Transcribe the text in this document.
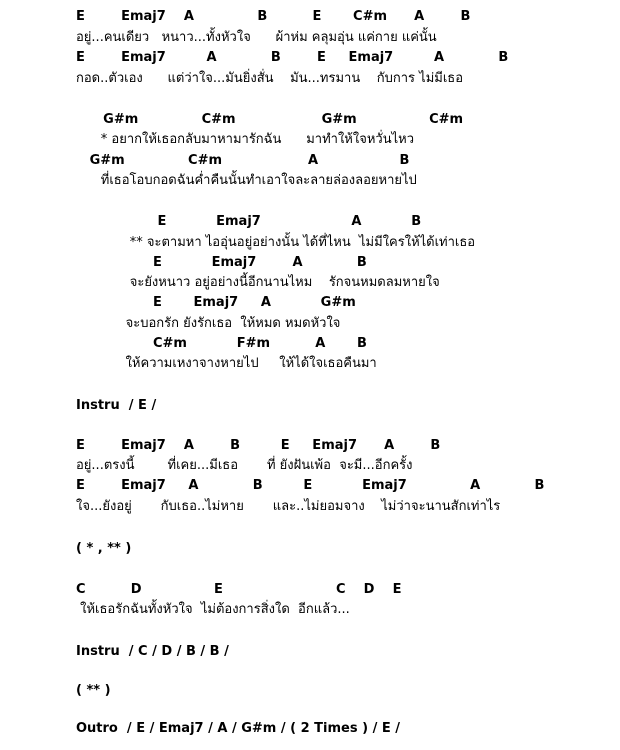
E        Emaj7    A              B          E       C#m      A        B
อยู่...คนเดียว   หนาว...ทั้งหัวใจ      ผ้าห่ม คลุมอุ่น แค่กาย แค่นั้น
E        Emaj7         A            B        E     Emaj7         A            B
กอด..ตัวเอง      แต่ว่าใจ...มันยิ่งสั่น    มัน...ทรมาน    กับการ ไม่มีเธอ
G#m              C#m                   G#m                C#m
* อยากให้เธอกลับมาหามารักฉัน      มาทำให้ใจหวั่นไหว
G#m              C#m                   A                  B
ที่เธอโอบกอดฉันค่ำคืนนั้นทำเอาใจละลายล่องลอยหายไป
E           Emaj7                    A           B
** จะตามหา ไออุ่นอยู่อย่างนั้น ได้ที่ไหน  ไม่มีใครให้ได้เท่าเธอ
E           Emaj7        A            B
จะยังหนาว อยู่อย่างนี้อีกนานไหม    รักจนหมดลมหายใจ
E       Emaj7     A           G#m
จะบอกรัก ยังรักเธอ  ให้หมด หมดหัวใจ
C#m           F#m          A       B
ให้ความเหงาจางหายไป     ให้ได้ใจเธอคืนมา
Instru  / E /
E        Emaj7    A        B         E     Emaj7      A        B
อยู่...ตรงนี้        ที่เคย...มีเธอ       ที่ ยังฝันเพ้อ  จะมี...อีกครั้ง
E        Emaj7     A            B         E           Emaj7              A            B
ใจ...ยังอยู่       กับเธอ..ไม่หาย       และ..ไม่ยอมจาง    ไม่ว่าจะนานสักเท่าไร
( * , ** )
C          D                E                         C    D    E
ให้เธอรักฉันทั้งหัวใจ  ไม่ต้องการสิ่งใด  อีกแล้ว...
Instru  / C / D / B / B /
( ** )
Outro  / E / Emaj7 / A / G#m / ( 2 Times ) / E /
